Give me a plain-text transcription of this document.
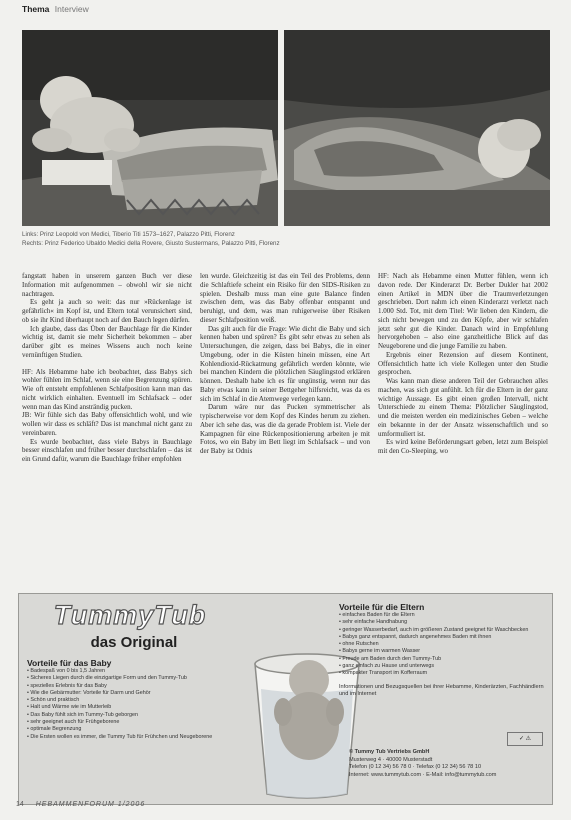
Thema Interview
Links: Prinz Leopold von Medici, Tiberio Titi 1573–1627, Palazzo Pitti, Florenz
Rechts: Prinz Federico Ubaldo Medici della Rovere, Giusto Sustermans, Palazzo Pitti, Florenz

fangstatt haben in unserem ganzen Buch ver diese Information mit aufgenommen – obwohl wir sie nicht nachtragen.

Es geht ja auch so weit: das nur »Rückenlage ist gefährlich« im Kopf ist, und Eltern total verunsichert sind, ob sie ihr Kind überhaupt noch auf den Bauch legen dürfen.

Ich glaube, dass das Üben der Bauchlage für die Kinder wichtig ist, damit sie mehr Sicherheit bekommen – aber darüber gibt es meines Wissens auch noch keine vernünftigen Studien.

HF: Als Hebamme habe ich beobachtet, dass Babys sich wohler fühlen im Schlaf, wenn sie eine Begrenzung spüren. Wie oft entsteht empfohlenen Schlafposition kann man das nicht wirklich einhalten. Eventuell im Schlafsack – oder wenn man das Kind ansträndig pucken.

JB: Wir fühle sich das Baby offensichtlich wohl, und wie wollen wir dass es schläft? Das ist manchmal nicht ganz zu vereinbaren.

Es wurde beobachtet, dass viele Babys in Bauchlage besser einschlafen und früher besser durchschlafen – das ist ein Grund dafür, warum die Bauchlage früher empfohlen

len wurde. Gleichzeitig ist das ein Teil des Problems, denn die Schlaftiefe scheint ein Risiko für den SIDS-Risiken zu spielen. Deshalb muss man eine gute Balance finden zwischen dem, was das Baby offenbar entspannt und beruhigt, und dem, was man ruhigerweise über Risiken dieser Schlafposition weiß.

Das gilt auch für die Frage: Wie dicht die Baby und sich kennen haben und spüren? Es gibt sehr etwas zu sehen als Untersuchungen, die zeigen, dass bei Babys, die in einer Umgebung, oder in die Küsten hinein müssen, eine Art Kohlendioxid-Rückatmung gefährlich werden könnte, wie bei manchen Kindern die plötzlichen Säuglingstod erklären können. Deshalb habe ich es für ungünstig, wenn nur das Baby etwas kann in seiner Bettgeher hilfsreicht, was da es sich im Schlaf in die Atemwege verlegen kann.

Darum wäre nur das Pucken symmetrischer als typischerweise vor dem Kopf des Kindes herum zu ziehen. Aber ich sehe das, was die da gerade Problem ist. Viele der Kampagnen für eine Rückenpositionierung arbeiten je mit Fotos, wo ein Baby im Bett liegt im Schlafsack – und von der Baby ist Odnis

HF: Nach als Hebamme einen Mutter fühlen, wenn ich davon rede. Der Kinderarzt Dr. Berber Dukler hat 2002 einen Artikel in MDN über die Traumverletzungen geschrieben. Dort nahm ich einen Kinderarzt verletzt nach 1.000 Std. Tot, mit dem Titel: Wir lieben den Kindern, die sich nicht bewegen und zu den Köpfe, aber wir schlafen jetzt sehr gut die Kinder. Danach wird in Empfehlung hervorgehoben – also eine ganzheitliche Blick auf das Neugeborene und die junge Familie zu haben.

Ergebnis einer Rezension auf diesem Kontinent, Offensichtlich hatte ich viele Kollegen unter den Studie gesprochen.

Was kann man diese anderen Teil der Gebrauchen alles machen, was sich gut anfühlt. Ich für die Eltern in der ganz wichtige Aussage. Es gibt einen großen Intervall, nicht Unterschiede zu einem Thema: Plötzlicher Säuglingstod, und die meisten werden ein medizinisches Geben – welche ein bekannte in der der Ansatz wissenschaftlich und so umformuliert ist.

Es wird keine Beförderungsart geben, letzt zum Beispiel mit den Co-Sleeping, wo

TummyTub
das Original
Vorteile für das Baby
• Badespaß von 0 bis 1,5 Jahren
• Sicheres Liegen durch die einzigartige Form und den Tummy-Tub
• spezielles Erlebnis für das Baby
• Wie die Gebärmutter: Vorteile für Darm und Gehör
• Schön und praktisch
• Halt und Wärme wie im Mutterleib
• Das Baby fühlt sich im Tummy-Tub geborgen
• sehr geeignet auch für Frühgeborene
• optimale Begrenzung
• Die Ersten wollen es immer, die Tummy Tub für Frühchen und Neugeborene
Vorteile für die Eltern
• einfaches Baden für die Eltern
• sehr einfache Handhabung
• geringer Wasserbedarf, auch im größeren Zustand geeignet für Waschbecken
• Babys ganz entspannt, dadurch angenehmes Baden mit ihnen
• ohne Rutschen
• Babys gerne im warmen Wasser
• Freude am Baden durch den Tummy-Tub
• ganz einfach zu Hause und unterwegs
• kompakter Transport im Kofferraum
Informationen und Bezugsquellen bei ihrer Hebamme, Kinderärzten, Fachhändlern und im Internet
© Tummy Tub Vertriebs GmbH
Musterweg 4 · 40000 Musterstadt
Telefon (0 12 34) 56 78 0 · Telefax (0 12 34) 56 78 10
Internet: www.tummytub.com · E-Mail: info@tummytub.com
✓ ⚠
14 HEBAMMENFORUM 1/2006
